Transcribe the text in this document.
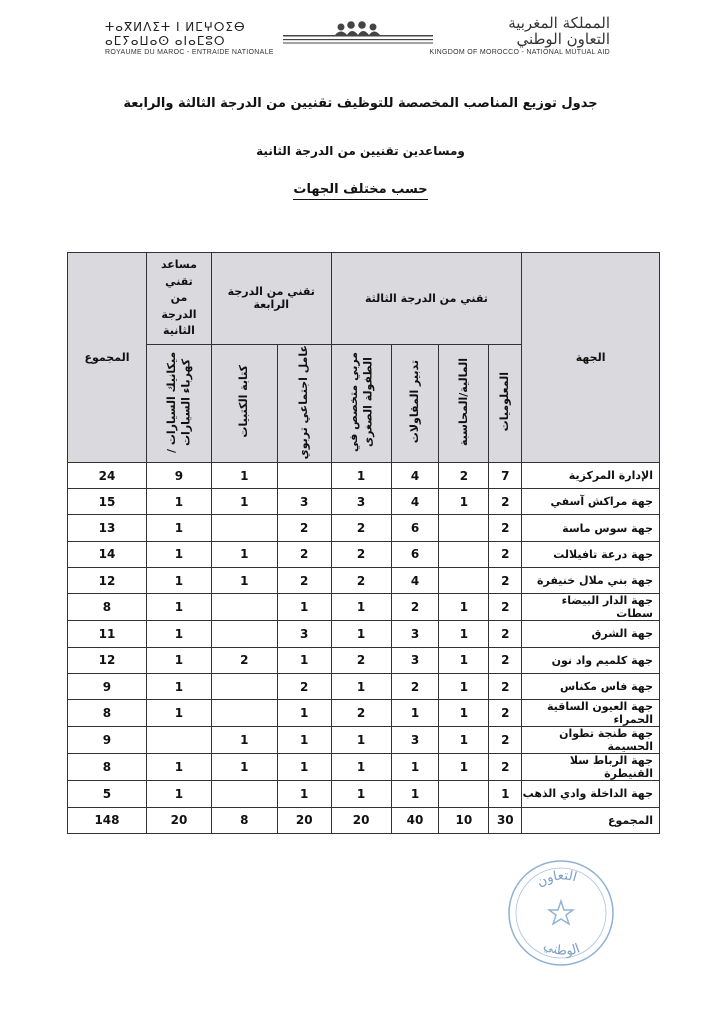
ⵜⴰⴳⵍⴷⵉⵜ ⵏ ⵍⵎⵖⵔⵉⴱ
ⴰⵎⵢⴰⵡⴰⵙ ⴰⵏⴰⵎⵓⵔ
ROYAUME DU MAROC - ENTRAIDE NATIONALE
المملكة المغربية
التعاون الوطني
KINGDOM OF MOROCCO - NATIONAL MUTUAL AID
جدول توزيع المناصب المخصصة للتوظيف تقنيين من الدرجة الثالثة والرابعة
ومساعدين تقنيين من الدرجة الثانية
حسب مختلف الجهات
الجهة	تقني من الدرجة الثالثة				تقني من الدرجة الرابعة		مساعد تقني من الدرجة الثانية	المجموع
	المعلوميات	المالية/المحاسبة	تدبير المقاولات	مربي متخصص في الطفولة الصغرى	عامل اجتماعي تربوي	كتابة الكتبيات	ميكانيك السيارات / كهرباء السيارات	
الإدارة المركزية	7	2	4	1		1	9	24
جهة مراكش آسفي	2	1	4	3	3	1	1	15
جهة سوس ماسة	2		6	2	2		1	13
جهة درعة تافيلالت	2		6	2	2	1	1	14
جهة بني ملال خنيفرة	2		4	2	2	1	1	12
جهة الدار البيضاء سطات	2	1	2	1	1		1	8
جهة الشرق	2	1	3	1	3		1	11
جهة كلميم واد نون	2	1	3	2	1	2	1	12
جهة فاس مكناس	2	1	2	1	2		1	9
جهة العيون الساقية الحمراء	2	1	1	2	1		1	8
جهة طنجة تطوان الحسيمة	2	1	3	1	1	1		9
جهة الرباط سلا القنيطرة	2	1	1	1	1	1	1	8
جهة الداخلة وادي الذهب	1		1	1	1		1	5
المجموع	30	10	40	20	20	8	20	148
التعاون
الوطني
